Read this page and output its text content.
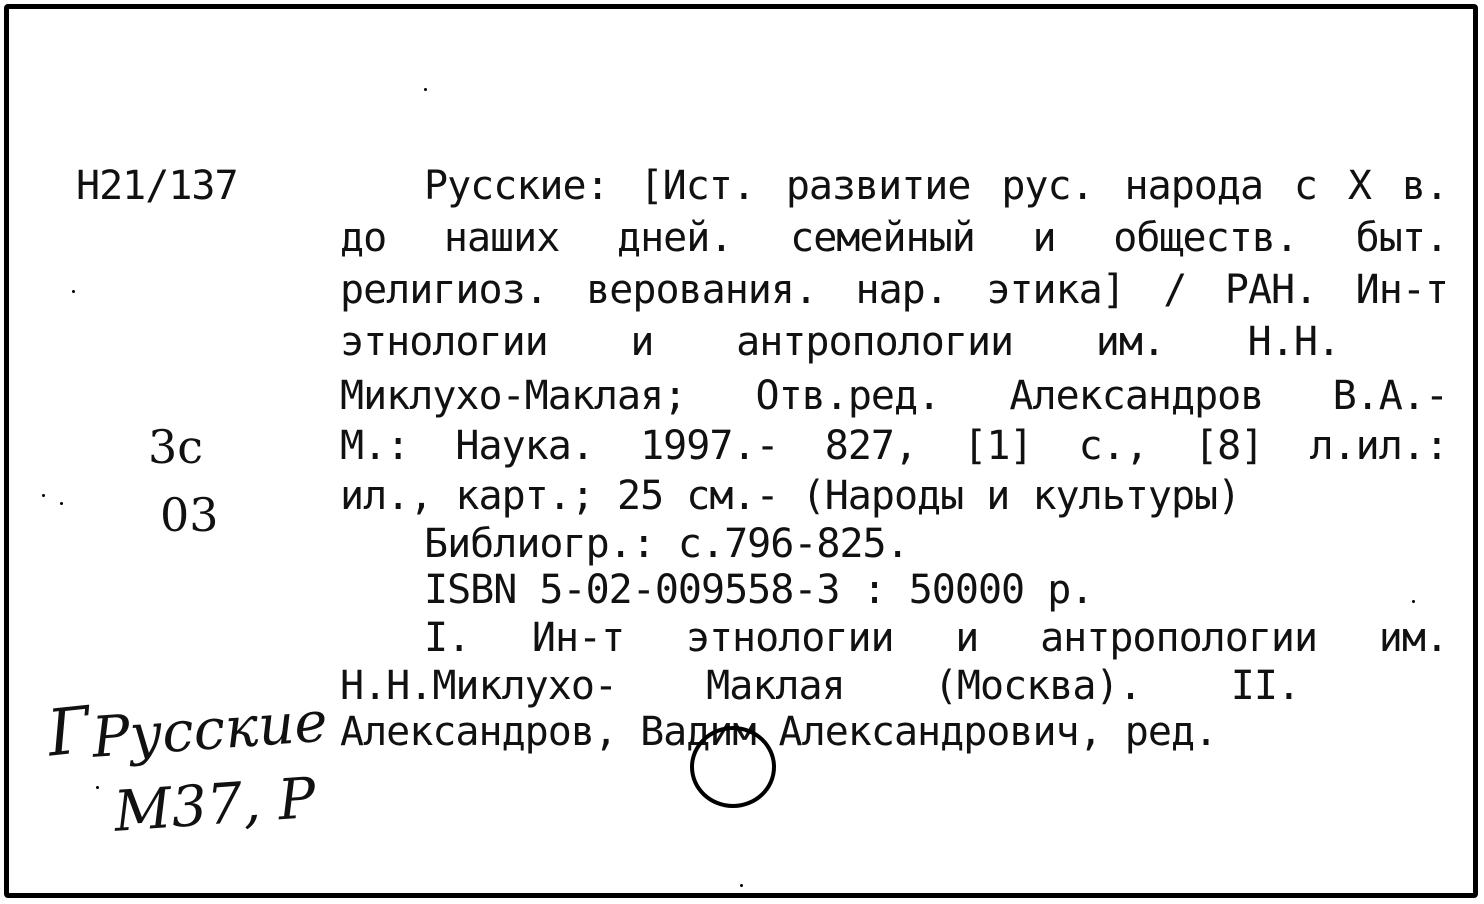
H21/137	Русские: [Ист. развитие рус. народа с X в.
до наших дней. семейный и обществ. быт.
религиоз. верования. нар. этика] / РАН. Ин-т
этнологии и антропологии им. Н.Н.
Миклухо-Маклая; Отв.ред. Александров В.А.-
М.: Наука. 1997.- 827, [1] с., [8] л.ил.:
ил., карт.; 25 см.- (Народы и культуры)
Библиогр.: с.796-825.
ISBN 5-02-009558-3 : 50000 р.
I. Ин-т этнологии и антропологии им.
Н.Н.Миклухо- Маклая (Москва). II.
Александров, Вадим Александрович, ред.
3с
03
Г
Русские
М37, Р
